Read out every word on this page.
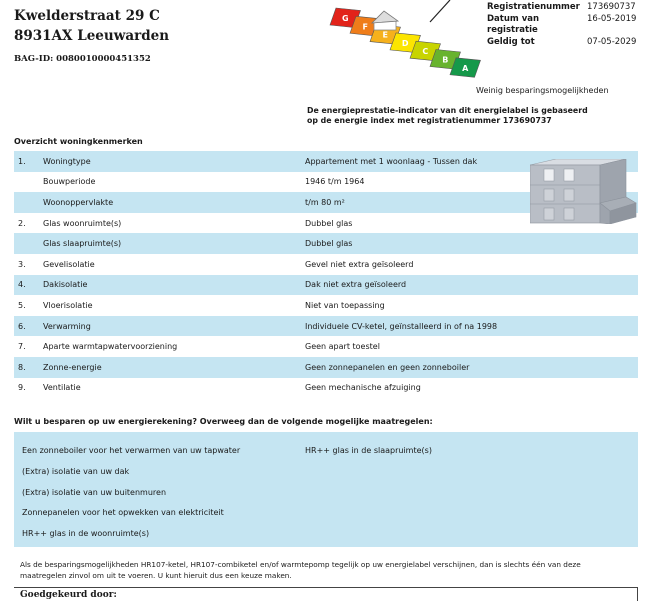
Kwelderstraat 29 C
8931AX Leeuwarden
BAG-ID: 0080010000451352
G
F
E
D
C
B
A
Weinig besparingsmogelijkheden
Registratienummer 173690737
Datum van registratie
16-05-2019
Geldig tot	07-05-2029
De energieprestatie-indicator van dit energielabel is gebaseerd
op de energie index met registratienummer 173690737
Overzicht woningkenmerken
1.	Woningtype	Appartement met 1 woonlaag - Tussen dak
Bouwperiode	1946 t/m 1964
Woonoppervlakte	t/m 80 m²
2.	Glas woonruimte(s)	Dubbel glas
Glas slaapruimte(s)	Dubbel glas
3.	Gevelisolatie	Gevel niet extra geïsoleerd
4.	Dakisolatie	Dak niet extra geïsoleerd
5.	Vloerisolatie	Niet van toepassing
6.	Verwarming	Individuele CV-ketel, geïnstalleerd in of na 1998
7.	Aparte warmtapwatervoorziening	Geen apart toestel
8.	Zonne-energie	Geen zonnepanelen en geen zonneboiler
9.	Ventilatie	Geen mechanische afzuiging
Wilt u besparen op uw energierekening? Overweeg dan de volgende mogelijke maatregelen:
Een zonneboiler voor het verwarmen van uw tapwater
(Extra) isolatie van uw dak
(Extra) isolatie van uw buitenmuren
Zonnepanelen voor het opwekken van elektriciteit
HR++ glas in de woonruimte(s)
HR++ glas in de slaapruimte(s)
Als de besparingsmogelijkheden HR107-ketel, HR107-combiketel en/of warmtepomp tegelijk op uw energielabel verschijnen, dan is slechts één van deze maatregelen zinvol om uit te voeren. U kunt hieruit dus een keuze maken.
Goedgekeurd door:
